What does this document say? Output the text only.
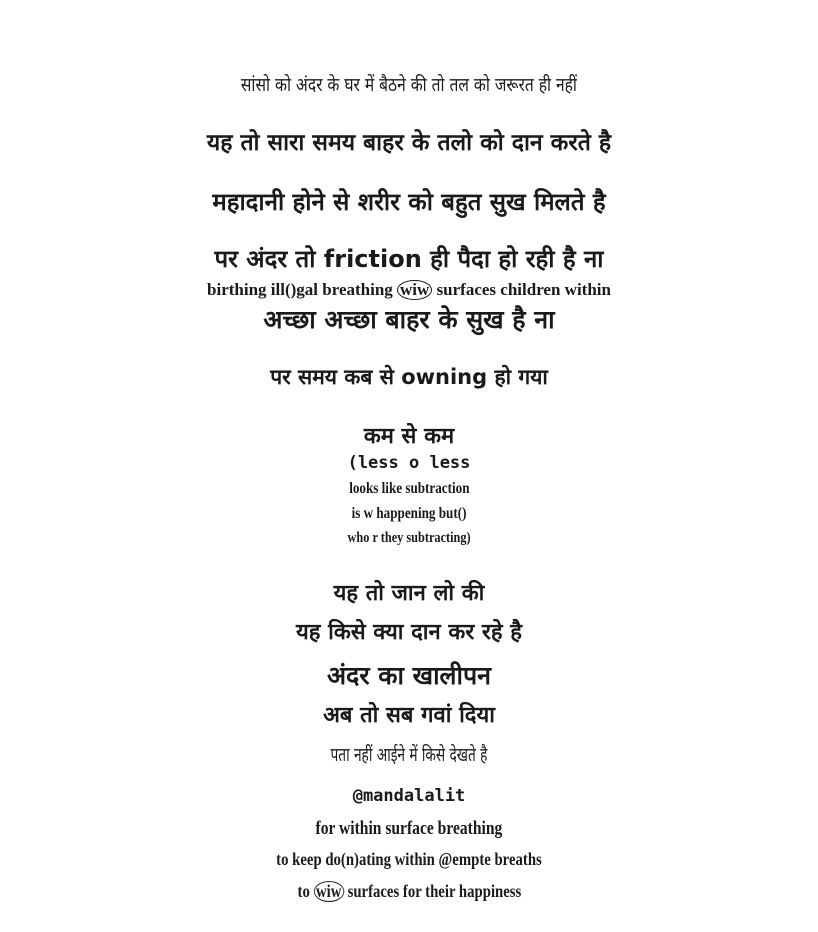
सांसो को अंदर के घर में बैठने की तो तल को जरूरत ही नहीं
यह तो सारा समय बाहर के तलो को दान करते है
महादानी होने से शरीर को बहुत सुख मिलते है
पर अंदर तो friction ही पैदा हो रही है ना
birthing ill()gal breathing wiw surfaces children within
अच्छा अच्छा बाहर के सुख है ना
पर समय कब से owning हो गया
कम से कम
(less o less
looks like subtraction
is w happening but()
who r they subtracting)
यह तो जान लो की
यह किसे क्या दान कर रहे है
अंदर का खालीपन
अब तो सब गवां दिया
पता नहीं आईने में किसे देखते है
@mandalalit
for within surface breathing
to keep do(n)ating within @empte breaths
to wiw surfaces for their happiness
